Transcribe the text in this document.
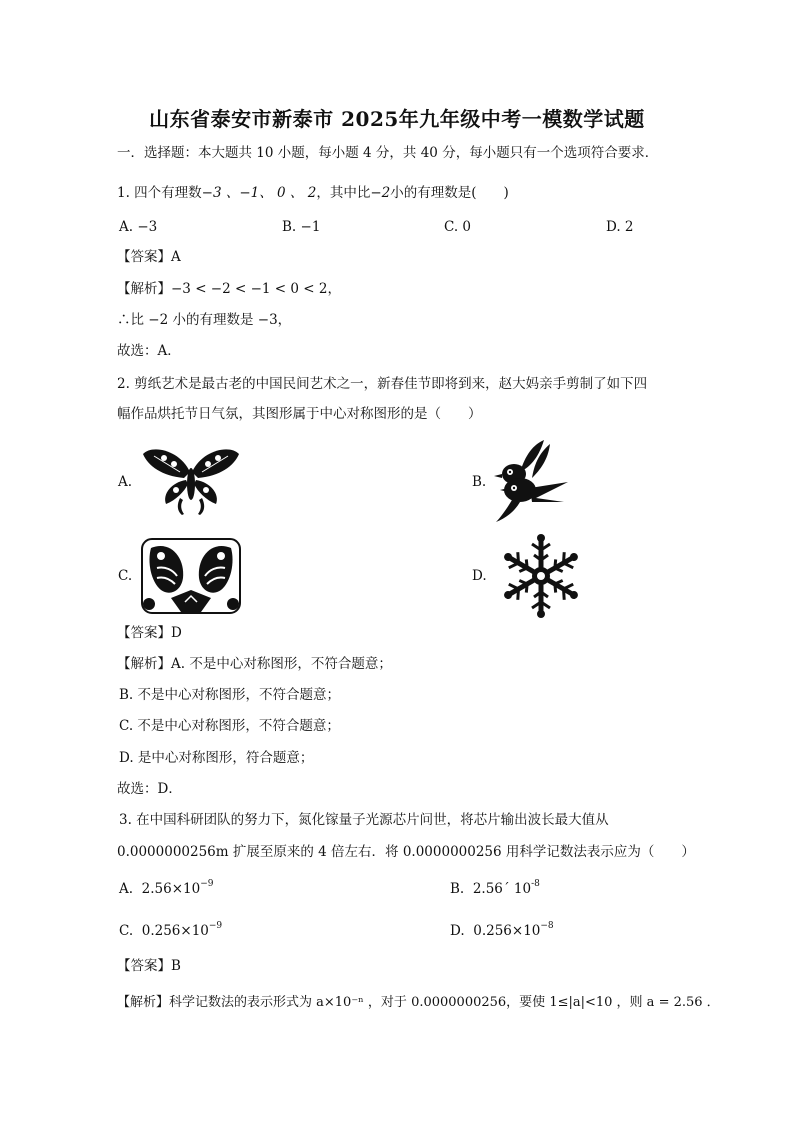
山东省泰安市新泰市 2025年九年级中考一模数学试题
一．选择题：本大题共 10 小题，每小题 4 分，共 40 分，每小题只有一个选项符合要求．
1. 四个有理数−3 、−1、 0 、 2，其中比−2小的有理数是(　　)
A. −3	B. −1	C. 0	D. 2
【答案】A
【解析】−3 < −2 < −1 < 0 < 2，
∴比 −2 小的有理数是 −3，
故选：A．
2. 剪纸艺术是最古老的中国民间艺术之一，新春佳节即将到来，赵大妈亲手剪制了如下四
幅作品烘托节日气氛，其图形属于中心对称图形的是（　　）
A.	B.
C.	D.
【答案】D
【解析】A. 不是中心对称图形，不符合题意；
B. 不是中心对称图形，不符合题意；
C. 不是中心对称图形，不符合题意；
D. 是中心对称图形，符合题意；
故选：D．
3. 在中国科研团队的努力下，氮化镓量子光源芯片问世，将芯片输出波长最大值从
0.0000000256m 扩展至原来的 4 倍左右．将 0.0000000256 用科学记数法表示应为（　　）
A. $2.56\times 10^{-9}$	B. 2.56´ $10^{-8}$
C. $0.256\times 10^{-9}$	D. $0.256\times 10^{-8}$
【答案】B
【解析】科学记数法的表示形式为 a×10⁻ⁿ ，对于 0.0000000256，要使 1≤|a|<10 ，则 a = 2.56 ．
